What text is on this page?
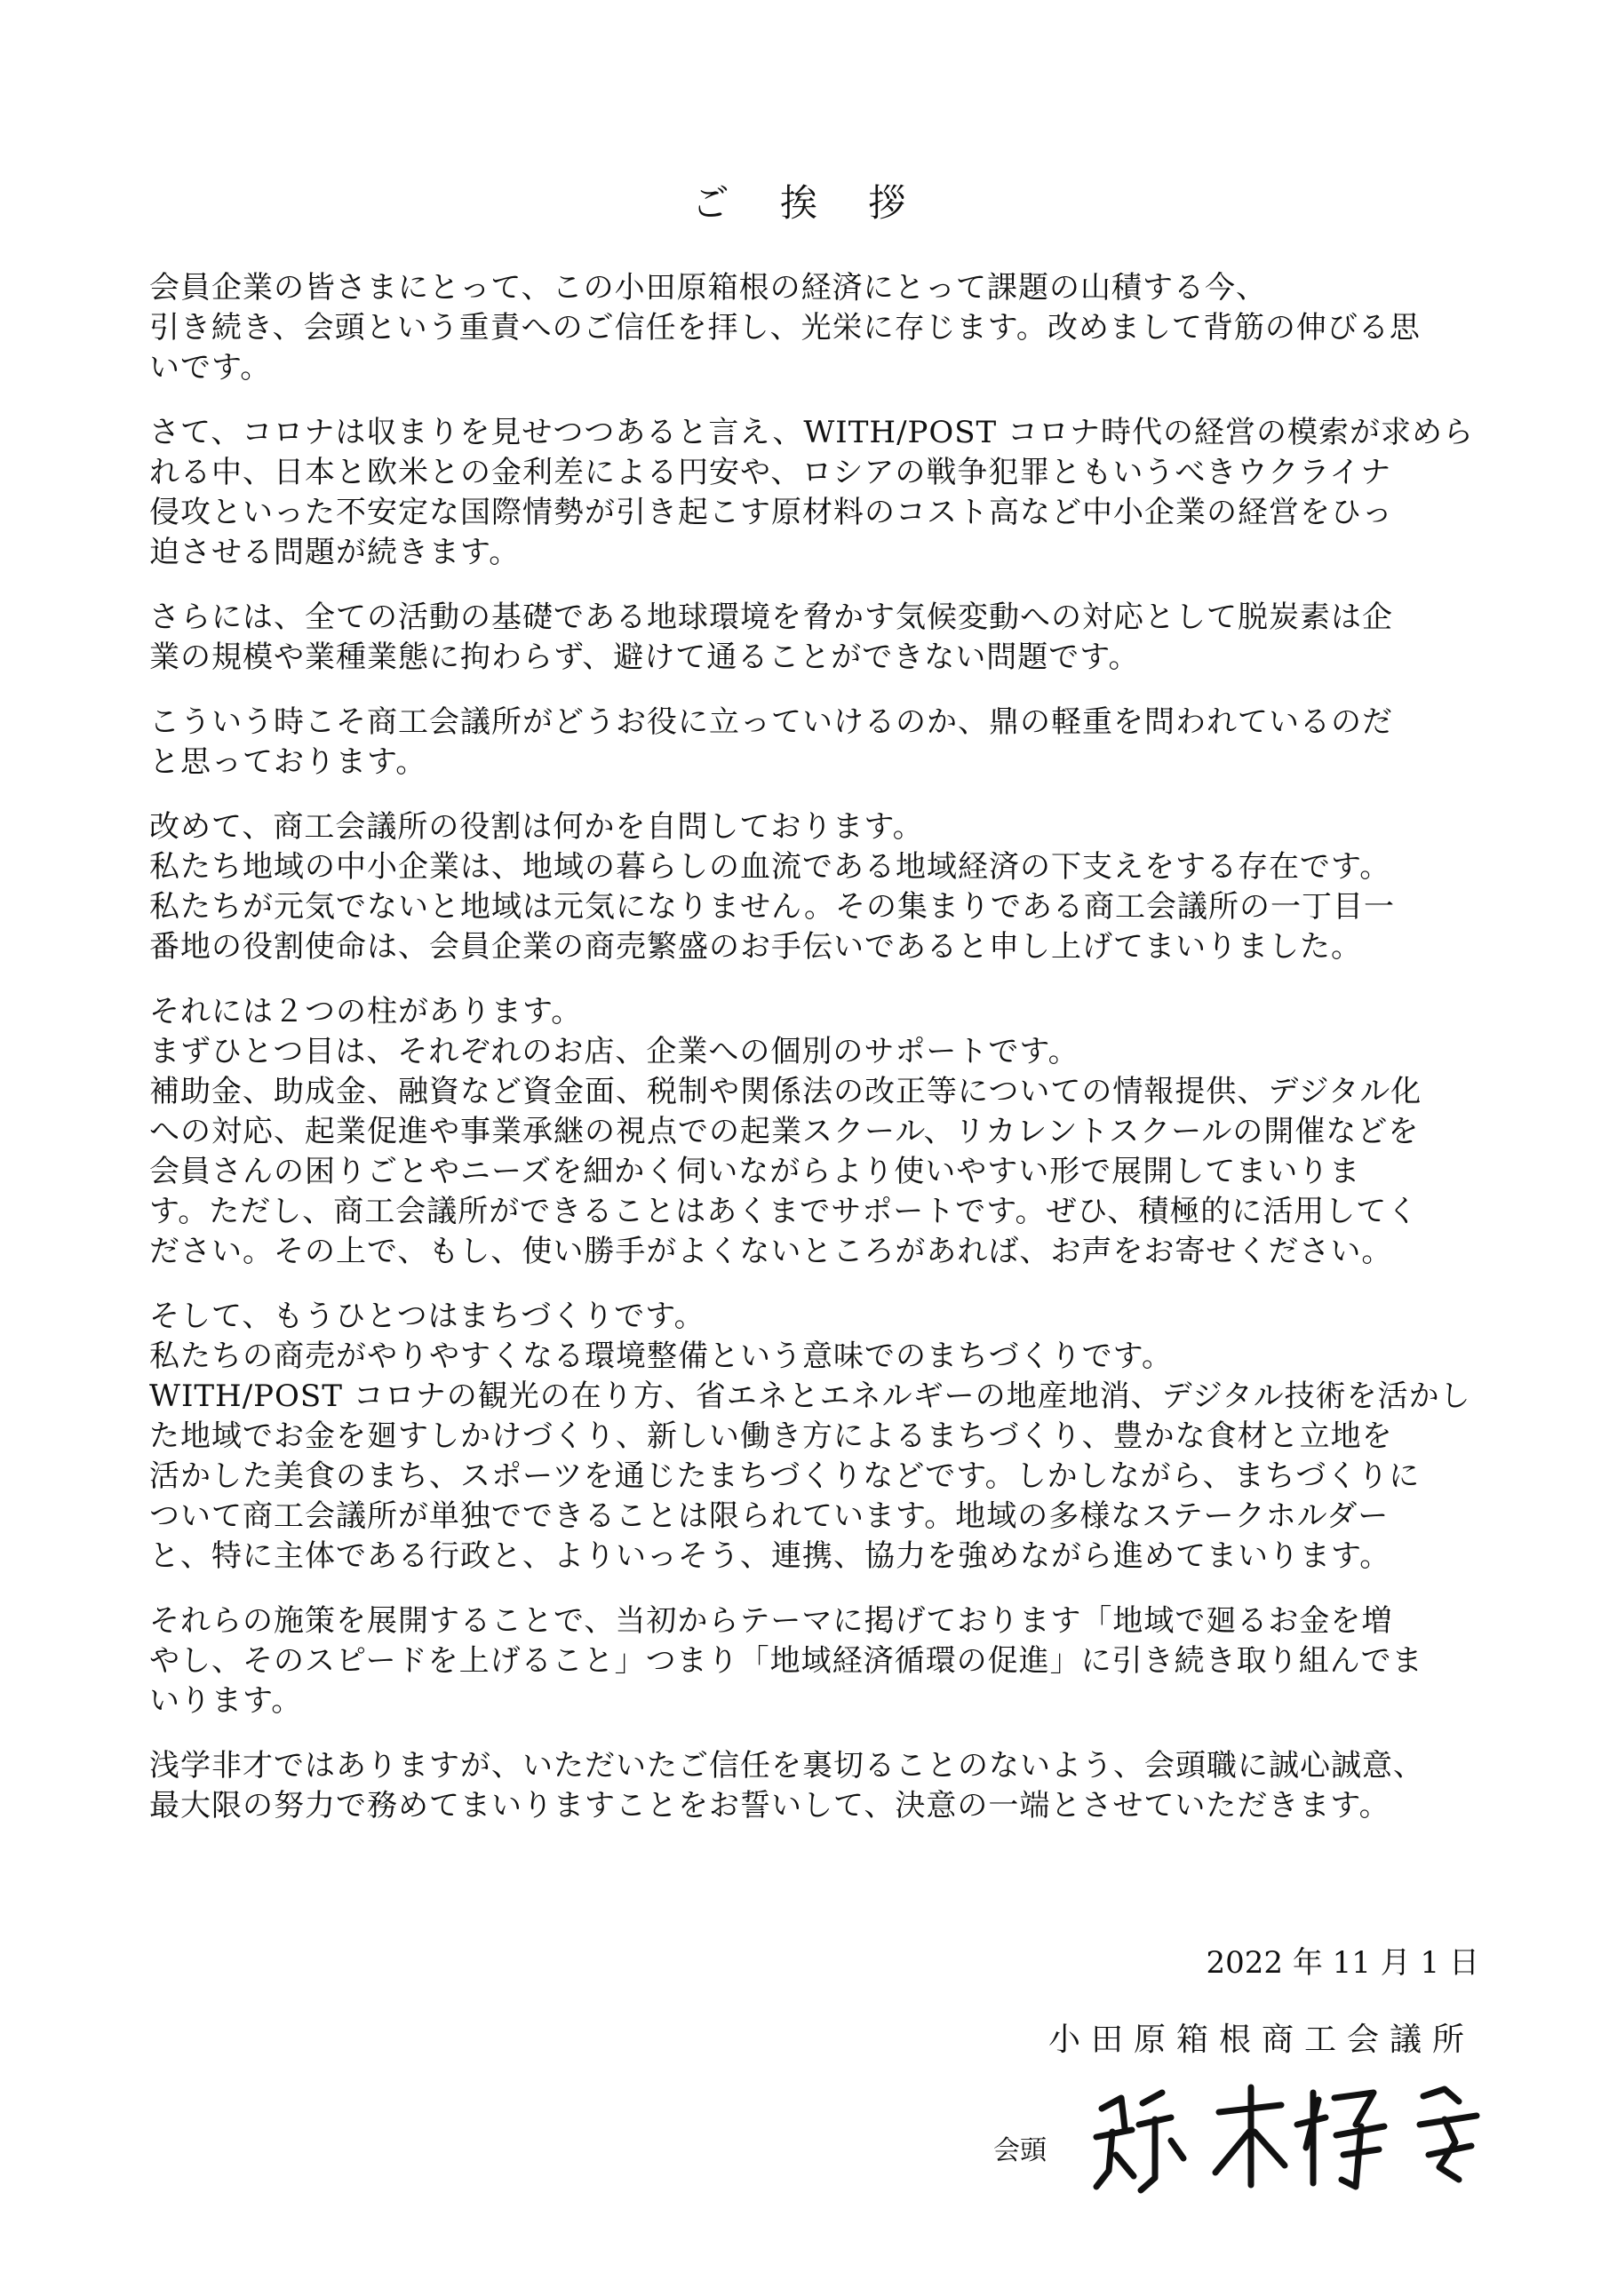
ご 挨 拶
会員企業の皆さまにとって、この小田原箱根の経済にとって課題の山積する今、
引き続き、会頭という重責へのご信任を拝し、光栄に存じます。改めまして背筋の伸びる思
いです。
さて、コロナは収まりを見せつつあると言え、WITH/POST コロナ時代の経営の模索が求めら
れる中、日本と欧米との金利差による円安や、ロシアの戦争犯罪ともいうべきウクライナ
侵攻といった不安定な国際情勢が引き起こす原材料のコスト高など中小企業の経営をひっ
迫させる問題が続きます。
さらには、全ての活動の基礎である地球環境を脅かす気候変動への対応として脱炭素は企
業の規模や業種業態に拘わらず、避けて通ることができない問題です。
こういう時こそ商工会議所がどうお役に立っていけるのか、鼎の軽重を問われているのだ
と思っております。
改めて、商工会議所の役割は何かを自問しております。
私たち地域の中小企業は、地域の暮らしの血流である地域経済の下支えをする存在です。
私たちが元気でないと地域は元気になりません。その集まりである商工会議所の一丁目一
番地の役割使命は、会員企業の商売繁盛のお手伝いであると申し上げてまいりました。
それには２つの柱があります。
まずひとつ目は、それぞれのお店、企業への個別のサポートです。
補助金、助成金、融資など資金面、税制や関係法の改正等についての情報提供、デジタル化
への対応、起業促進や事業承継の視点での起業スクール、リカレントスクールの開催などを
会員さんの困りごとやニーズを細かく伺いながらより使いやすい形で展開してまいりま
す。ただし、商工会議所ができることはあくまでサポートです。ぜひ、積極的に活用してく
ださい。その上で、もし、使い勝手がよくないところがあれば、お声をお寄せください。
そして、もうひとつはまちづくりです。
私たちの商売がやりやすくなる環境整備という意味でのまちづくりです。
WITH/POST コロナの観光の在り方、省エネとエネルギーの地産地消、デジタル技術を活かし
た地域でお金を廻すしかけづくり、新しい働き方によるまちづくり、豊かな食材と立地を
活かした美食のまち、スポーツを通じたまちづくりなどです。しかしながら、まちづくりに
ついて商工会議所が単独でできることは限られています。地域の多様なステークホルダー
と、特に主体である行政と、よりいっそう、連携、協力を強めながら進めてまいります。
それらの施策を展開することで、当初からテーマに掲げております「地域で廻るお金を増
やし、そのスピードを上げること」つまり「地域経済循環の促進」に引き続き取り組んでま
いります。
浅学非才ではありますが、いただいたご信任を裏切ることのないよう、会頭職に誠心誠意、
最大限の努力で務めてまいりますことをお誓いして、決意の一端とさせていただきます。
2022 年 11 月 1 日
小田原箱根商工会議所
会頭
